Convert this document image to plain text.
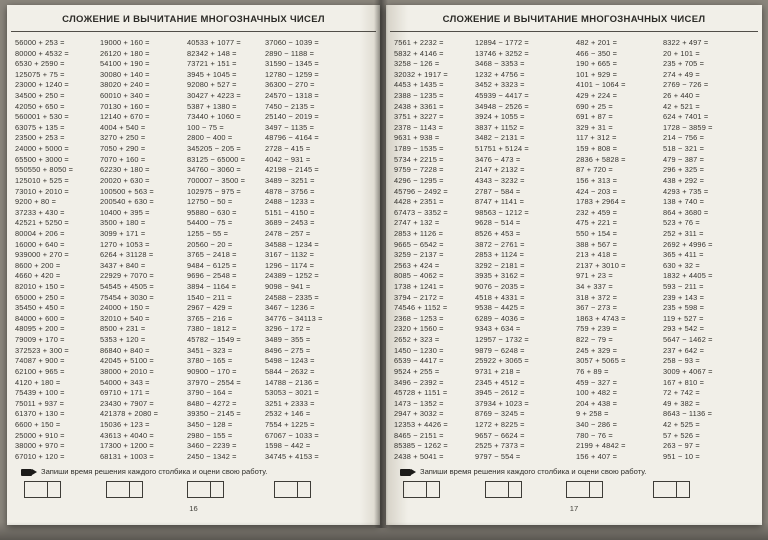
СЛОЖЕНИЕ И ВЫЧИТАНИЕ МНОГОЗНАЧНЫХ ЧИСЕЛ
56000 + 253 =
80000 + 4532 =
6530 + 2590 =
125075 + 75 =
23000 + 1240 =
34500 + 250 =
42050 + 650 =
560001 + 530 =
63075 + 135 =
23500 + 253 =
24000 + 5000 =
65500 + 3000 =
550550 + 8050 =
125010 + 525 =
73010 + 2010 =
9200 + 80 =
37233 + 430 =
42521 + 5250 =
80004 + 206 =
16000 + 640 =
939000 + 270 =
8600 + 200 =
4660 + 420 =
82010 + 150 =
65000 + 250 =
35450 + 450 =
84000 + 600 =
48095 + 200 =
79009 + 170 =
372523 + 300 =
74087 + 900 =
62100 + 965 =
4120 + 180 =
75439 + 100 =
75011 + 937 =
61370 + 130 =
6600 + 150 =
25000 + 910 =
38000 + 970 =
67010 + 120 =
19000 + 160 =
26120 + 180 =
54100 + 190 =
30080 + 140 =
38020 + 240 =
60010 + 340 =
70130 + 160 =
12140 + 670 =
4004 + 540 =
3270 + 250 =
7050 + 290 =
7070 + 160 =
62230 + 180 =
20020 + 630 =
100500 + 563 =
200540 + 630 =
10400 + 395 =
3500 + 180 =
3099 + 171 =
1270 + 1053 =
6264 + 31128 =
3437 + 840 =
22929 + 7070 =
54545 + 4505 =
75454 + 3030 =
24000 + 150 =
32010 + 540 =
8500 + 231 =
5353 + 120 =
86840 + 840 =
42045 + 5100 =
38000 + 2010 =
54000 + 343 =
69710 + 171 =
23430 + 7907 =
421378 + 2080 =
15036 + 123 =
43613 + 4040 =
17300 + 1200 =
68131 + 1003 =
40533 + 1077 =
82342 + 148 =
73721 + 151 =
3945 + 1045 =
92080 + 527 =
30427 + 4223 =
5387 + 1380 =
73440 + 1060 =
100 − 75 =
2800 − 400 =
345205 − 205 =
83125 − 65000 =
34760 − 3060 =
700007 − 3500 =
102975 − 975 =
12750 − 50 =
95880 − 630 =
54400 − 75 =
1255 − 55 =
20560 − 20 =
3765 − 2418 =
9484 − 6125 =
9696 − 2548 =
3894 − 1164 =
1540 − 211 =
2967 − 429 =
3765 − 216 =
7380 − 1812 =
45782 − 1549 =
3451 − 323 =
3780 − 165 =
90900 − 170 =
37970 − 2554 =
3790 − 164 =
8480 − 4272 =
39350 − 2145 =
3450 − 128 =
2980 − 155 =
3460 − 2239 =
2450 − 1342 =
37060 − 1039 =
2890 − 1188 =
31590 − 1345 =
12780 − 1259 =
36300 − 270 =
24570 − 1318 =
7450 − 2135 =
25140 − 2019 =
3497 − 1135 =
48796 − 4164 =
2728 − 415 =
4042 − 931 =
42198 − 2145 =
3489 − 3251 =
4878 − 3756 =
2488 − 1233 =
5151 − 4150 =
3689 − 2453 =
2478 − 257 =
34588 − 1234 =
3167 − 1132 =
1296 − 1174 =
24389 − 1252 =
9098 − 941 =
24588 − 2335 =
3467 − 1236 =
34776 − 34113 =
3296 − 172 =
3489 − 355 =
8496 − 275 =
5498 − 1243 =
5844 − 2632 =
14788 − 2136 =
53053 − 3021 =
3251 + 2333 =
2532 + 146 =
7554 + 1225 =
67067 − 1033 =
1598 − 442 =
34745 + 4153 =
Запиши время решения каждого столбика и оцени свою работу.
16
СЛОЖЕНИЕ И ВЫЧИТАНИЕ МНОГОЗНАЧНЫХ ЧИСЕЛ
7561 + 2232 =
5832 + 4146 =
3258 − 126 =
32032 + 1917 =
4453 + 1435 =
2388 − 1235 =
2438 + 3361 =
3751 + 3227 =
2378 − 1143 =
9631 + 938 =
1789 − 1535 =
5734 + 2215 =
9759 − 7228 =
4296 − 1295 =
45796 − 2492 =
4428 + 2351 =
67473 − 3352 =
2747 + 132 =
2853 + 1126 =
9665 − 6542 =
3259 − 2137 =
2563 + 424 =
8085 − 4062 =
1738 + 1241 =
3794 − 2172 =
74546 + 1152 =
2368 − 1253 =
2320 + 1560 =
2652 + 323 =
1450 − 1230 =
6539 − 4417 =
9524 + 255 =
3496 − 2392 =
45728 + 1151 =
1473 − 1352 =
2947 + 3032 =
12353 + 4426 =
8465 − 2151 =
85385 − 1262 =
2438 + 5041 =
12894 − 1772 =
13746 + 3252 =
3468 − 3353 =
1232 + 4756 =
3452 + 3323 =
45939 − 4417 =
34948 − 2526 =
3924 + 1055 =
3837 + 1152 =
3482 − 2131 =
51751 + 5124 =
3476 − 473 =
2147 + 2132 =
4343 − 3232 =
2787 − 584 =
8747 + 1141 =
98563 − 1212 =
9628 − 514 =
8526 + 453 =
3872 − 2761 =
2853 + 1124 =
3292 − 2181 =
3935 + 3162 =
9076 − 2035 =
4518 + 4331 =
9538 − 4425 =
6289 − 4036 =
9343 + 634 =
12957 − 1732 =
9879 − 6248 =
25922 + 3065 =
9731 + 218 =
2345 + 4512 =
3945 − 2612 =
37934 + 1023 =
8769 − 3245 =
1272 + 8225 =
9657 − 6624 =
2525 + 7373 =
9797 − 554 =
482 + 201 =
466 − 350 =
190 + 665 =
101 + 929 =
4101 − 1064 =
429 + 224 =
690 + 25 =
691 + 87 =
329 + 31 =
117 + 312 =
159 + 808 =
2836 + 5828 =
87 + 720 =
156 + 313 =
424 − 203 =
1783 + 2964 =
232 + 459 =
475 + 221 =
550 + 154 =
388 + 567 =
213 + 418 =
2137 + 3010 =
971 + 23 =
34 + 337 =
318 + 372 =
367 − 273 =
1863 + 4743 =
759 + 239 =
822 − 79 =
245 + 329 =
3057 + 5065 =
76 + 89 =
459 − 327 =
100 + 482 =
204 + 438 =
9 + 258 =
340 − 286 =
780 − 76 =
2199 + 4842 =
156 + 407 =
8322 + 497 =
20 + 101 =
235 + 705 =
274 + 49 =
2769 − 726 =
26 + 440 =
42 + 521 =
624 + 7401 =
1728 − 3859 =
214 − 756 =
518 − 321 =
479 − 387 =
296 + 325 =
438 + 292 =
4293 + 735 =
138 + 740 =
864 + 3680 =
523 + 76 =
252 + 311 =
2692 + 4996 =
365 + 411 =
630 + 32 =
1832 + 4405 =
593 − 211 =
239 + 143 =
235 + 598 =
119 + 527 =
293 + 542 =
5647 − 1462 =
237 + 642 =
258 − 93 =
3009 + 4067 =
167 + 810 =
72 + 742 =
49 + 382 =
8643 − 1136 =
42 + 525 =
57 + 526 =
263 − 97 =
951 − 10 =
Запиши время решения каждого столбика и оцени свою работу.
17
